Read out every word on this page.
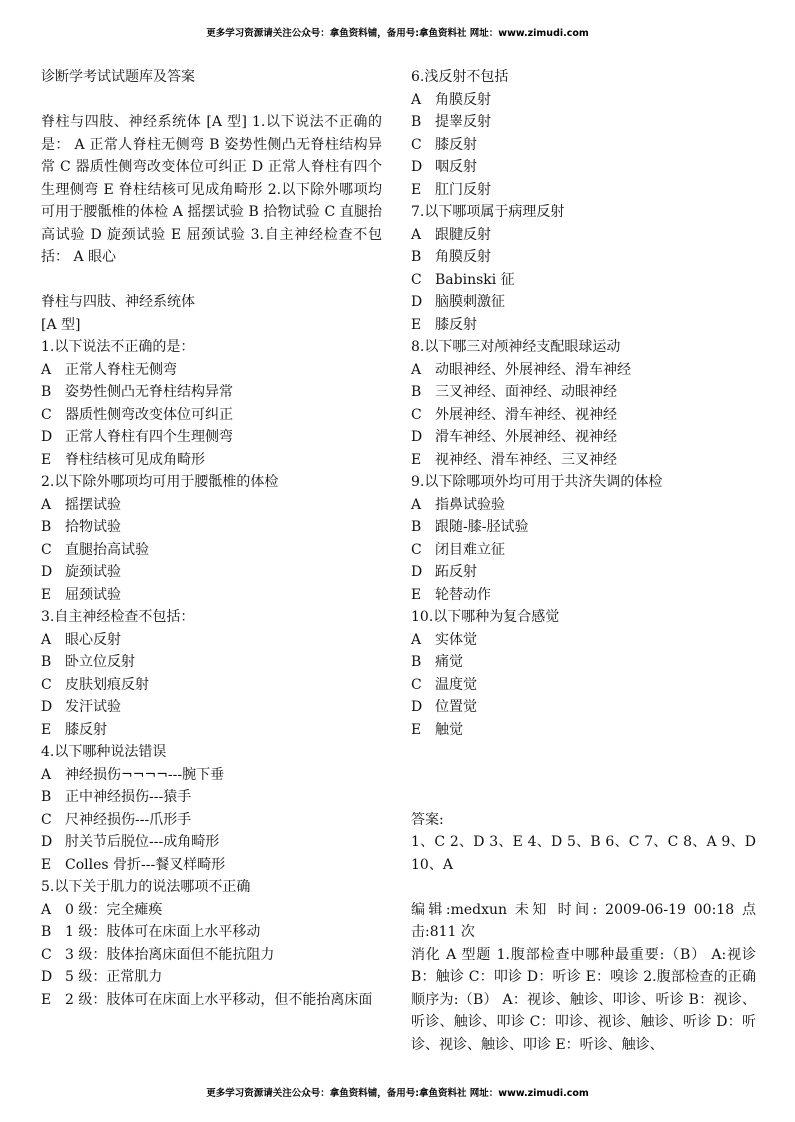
更多学习资源请关注公众号：拿鱼资料铺，备用号:拿鱼资料社 网址：www.zimudi.com
诊断学考试试题库及答案
脊柱与四肢、神经系统体 [A 型] 1.以下说法不正确的是： A 正常人脊柱无侧弯 B 姿势性侧凸无脊柱结构异常 C 器质性侧弯改变体位可纠正 D 正常人脊柱有四个生理侧弯 E 脊柱结核可见成角畸形 2.以下除外哪项均可用于腰骶椎的体检 A 摇摆试验 B 拾物试验 C 直腿抬高试验 D 旋颈试验 E 屈颈试验 3.自主神经检查不包括： A 眼心
脊柱与四肢、神经系统体
[A 型]
1.以下说法不正确的是：
A 正常人脊柱无侧弯
B 姿势性侧凸无脊柱结构异常
C 器质性侧弯改变体位可纠正
D 正常人脊柱有四个生理侧弯
E 脊柱结核可见成角畸形
2.以下除外哪项均可用于腰骶椎的体检
A 摇摆试验
B 拾物试验
C 直腿抬高试验
D 旋颈试验
E 屈颈试验
3.自主神经检查不包括：
A 眼心反射
B 卧立位反射
C 皮肤划痕反射
D 发汗试验
E 膝反射
4.以下哪种说法错误
A 神经损伤¬¬¬¬---腕下垂
B 正中神经损伤---猿手
C 尺神经损伤---爪形手
D 肘关节后脱位---成角畸形
E Colles 骨折---餐叉样畸形
5.以下关于肌力的说法哪项不正确
A 0 级：完全瘫痪
B 1 级：肢体可在床面上水平移动
C 3 级：肢体抬离床面但不能抗阻力
D 5 级：正常肌力
E 2 级：肢体可在床面上水平移动，但不能抬离床面
6.浅反射不包括
A 角膜反射
B 提睾反射
C 膝反射
D 咽反射
E 肛门反射
7.以下哪项属于病理反射
A 跟腱反射
B 角膜反射
C Babinski 征
D 脑膜刺激征
E 膝反射
8.以下哪三对颅神经支配眼球运动
A 动眼神经、外展神经、滑车神经
B 三叉神经、面神经、动眼神经
C 外展神经、滑车神经、视神经
D 滑车神经、外展神经、视神经
E 视神经、滑车神经、三叉神经
9.以下除哪项外均可用于共济失调的体检
A 指鼻试验验
B 跟随-膝-胫试验
C 闭目难立征
D 跖反射
E 轮替动作
10.以下哪种为复合感觉
A 实体觉
B 痛觉
C 温度觉
D 位置觉
E 触觉
答案:
1、C 2、D 3、E 4、D 5、B 6、C 7、C 8、A 9、D 10、A
编辑:medxun 未知 时间: 2009-06-19 00:18 点击:811 次
消化 A 型题 1.腹部检查中哪种最重要:（B） A:视诊 B：触诊 C：叩诊 D：听诊 E：嗅诊 2.腹部检查的正确顺序为:（B） A：视诊、触诊、叩诊、听诊 B：视诊、听诊、触诊、叩诊 C：叩诊、视诊、触诊、听诊 D：听诊、视诊、触诊、叩诊 E：听诊、触诊、
更多学习资源请关注公众号：拿鱼资料铺，备用号:拿鱼资料社 网址：www.zimudi.com
